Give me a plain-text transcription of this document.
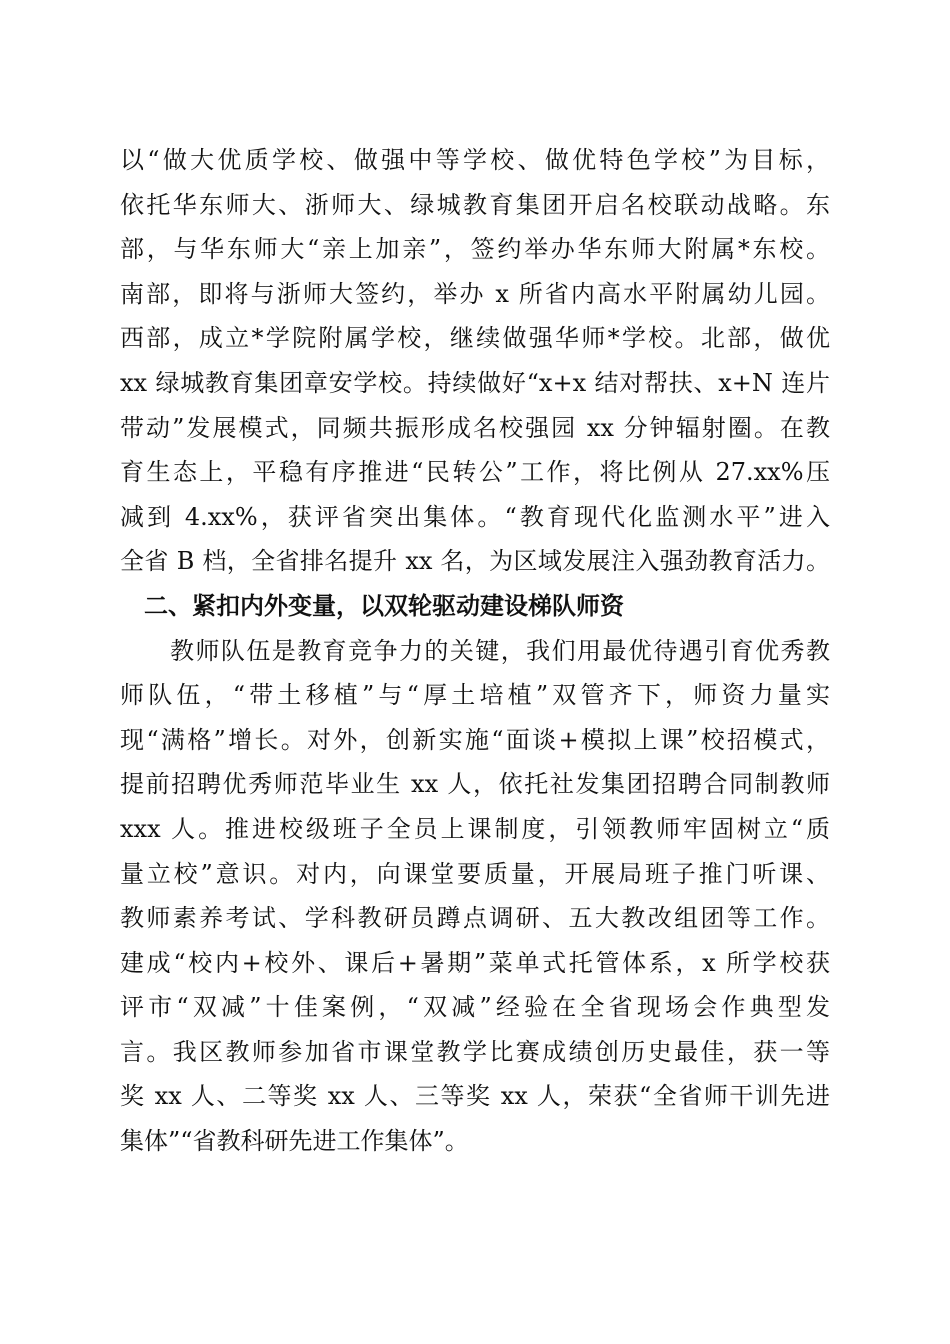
以“做大优质学校、做强中等学校、做优特色学校”为目标，
依托华东师大、浙师大、绿城教育集团开启名校联动战略。东
部，与华东师大“亲上加亲”，签约举办华东师大附属*东校。
南部，即将与浙师大签约，举办 x 所省内高水平附属幼儿园。
西部，成立*学院附属学校，继续做强华师*学校。北部，做优
xx 绿城教育集团章安学校。持续做好“x+x 结对帮扶、x+N 连片
带动”发展模式，同频共振形成名校强园 xx 分钟辐射圈。在教
育生态上，平稳有序推进“民转公”工作，将比例从 27.xx%压
减到 4.xx%，获评省突出集体。“教育现代化监测水平”进入
全省 B 档，全省排名提升 xx 名，为区域发展注入强劲教育活力。
二、紧扣内外变量，以双轮驱动建设梯队师资
教师队伍是教育竞争力的关键，我们用最优待遇引育优秀教
师队伍，“带土移植”与“厚土培植”双管齐下，师资力量实
现“满格”增长。对外，创新实施“面谈+模拟上课”校招模式，
提前招聘优秀师范毕业生 xx 人，依托社发集团招聘合同制教师
xxx 人。推进校级班子全员上课制度，引领教师牢固树立“质
量立校”意识。对内，向课堂要质量，开展局班子推门听课、
教师素养考试、学科教研员蹲点调研、五大教改组团等工作。
建成“校内+校外、课后+暑期”菜单式托管体系，x 所学校获
评市“双减”十佳案例，“双减”经验在全省现场会作典型发
言。我区教师参加省市课堂教学比赛成绩创历史最佳，获一等
奖 xx 人、二等奖 xx 人、三等奖 xx 人，荣获“全省师干训先进
集体”“省教科研先进工作集体”。
